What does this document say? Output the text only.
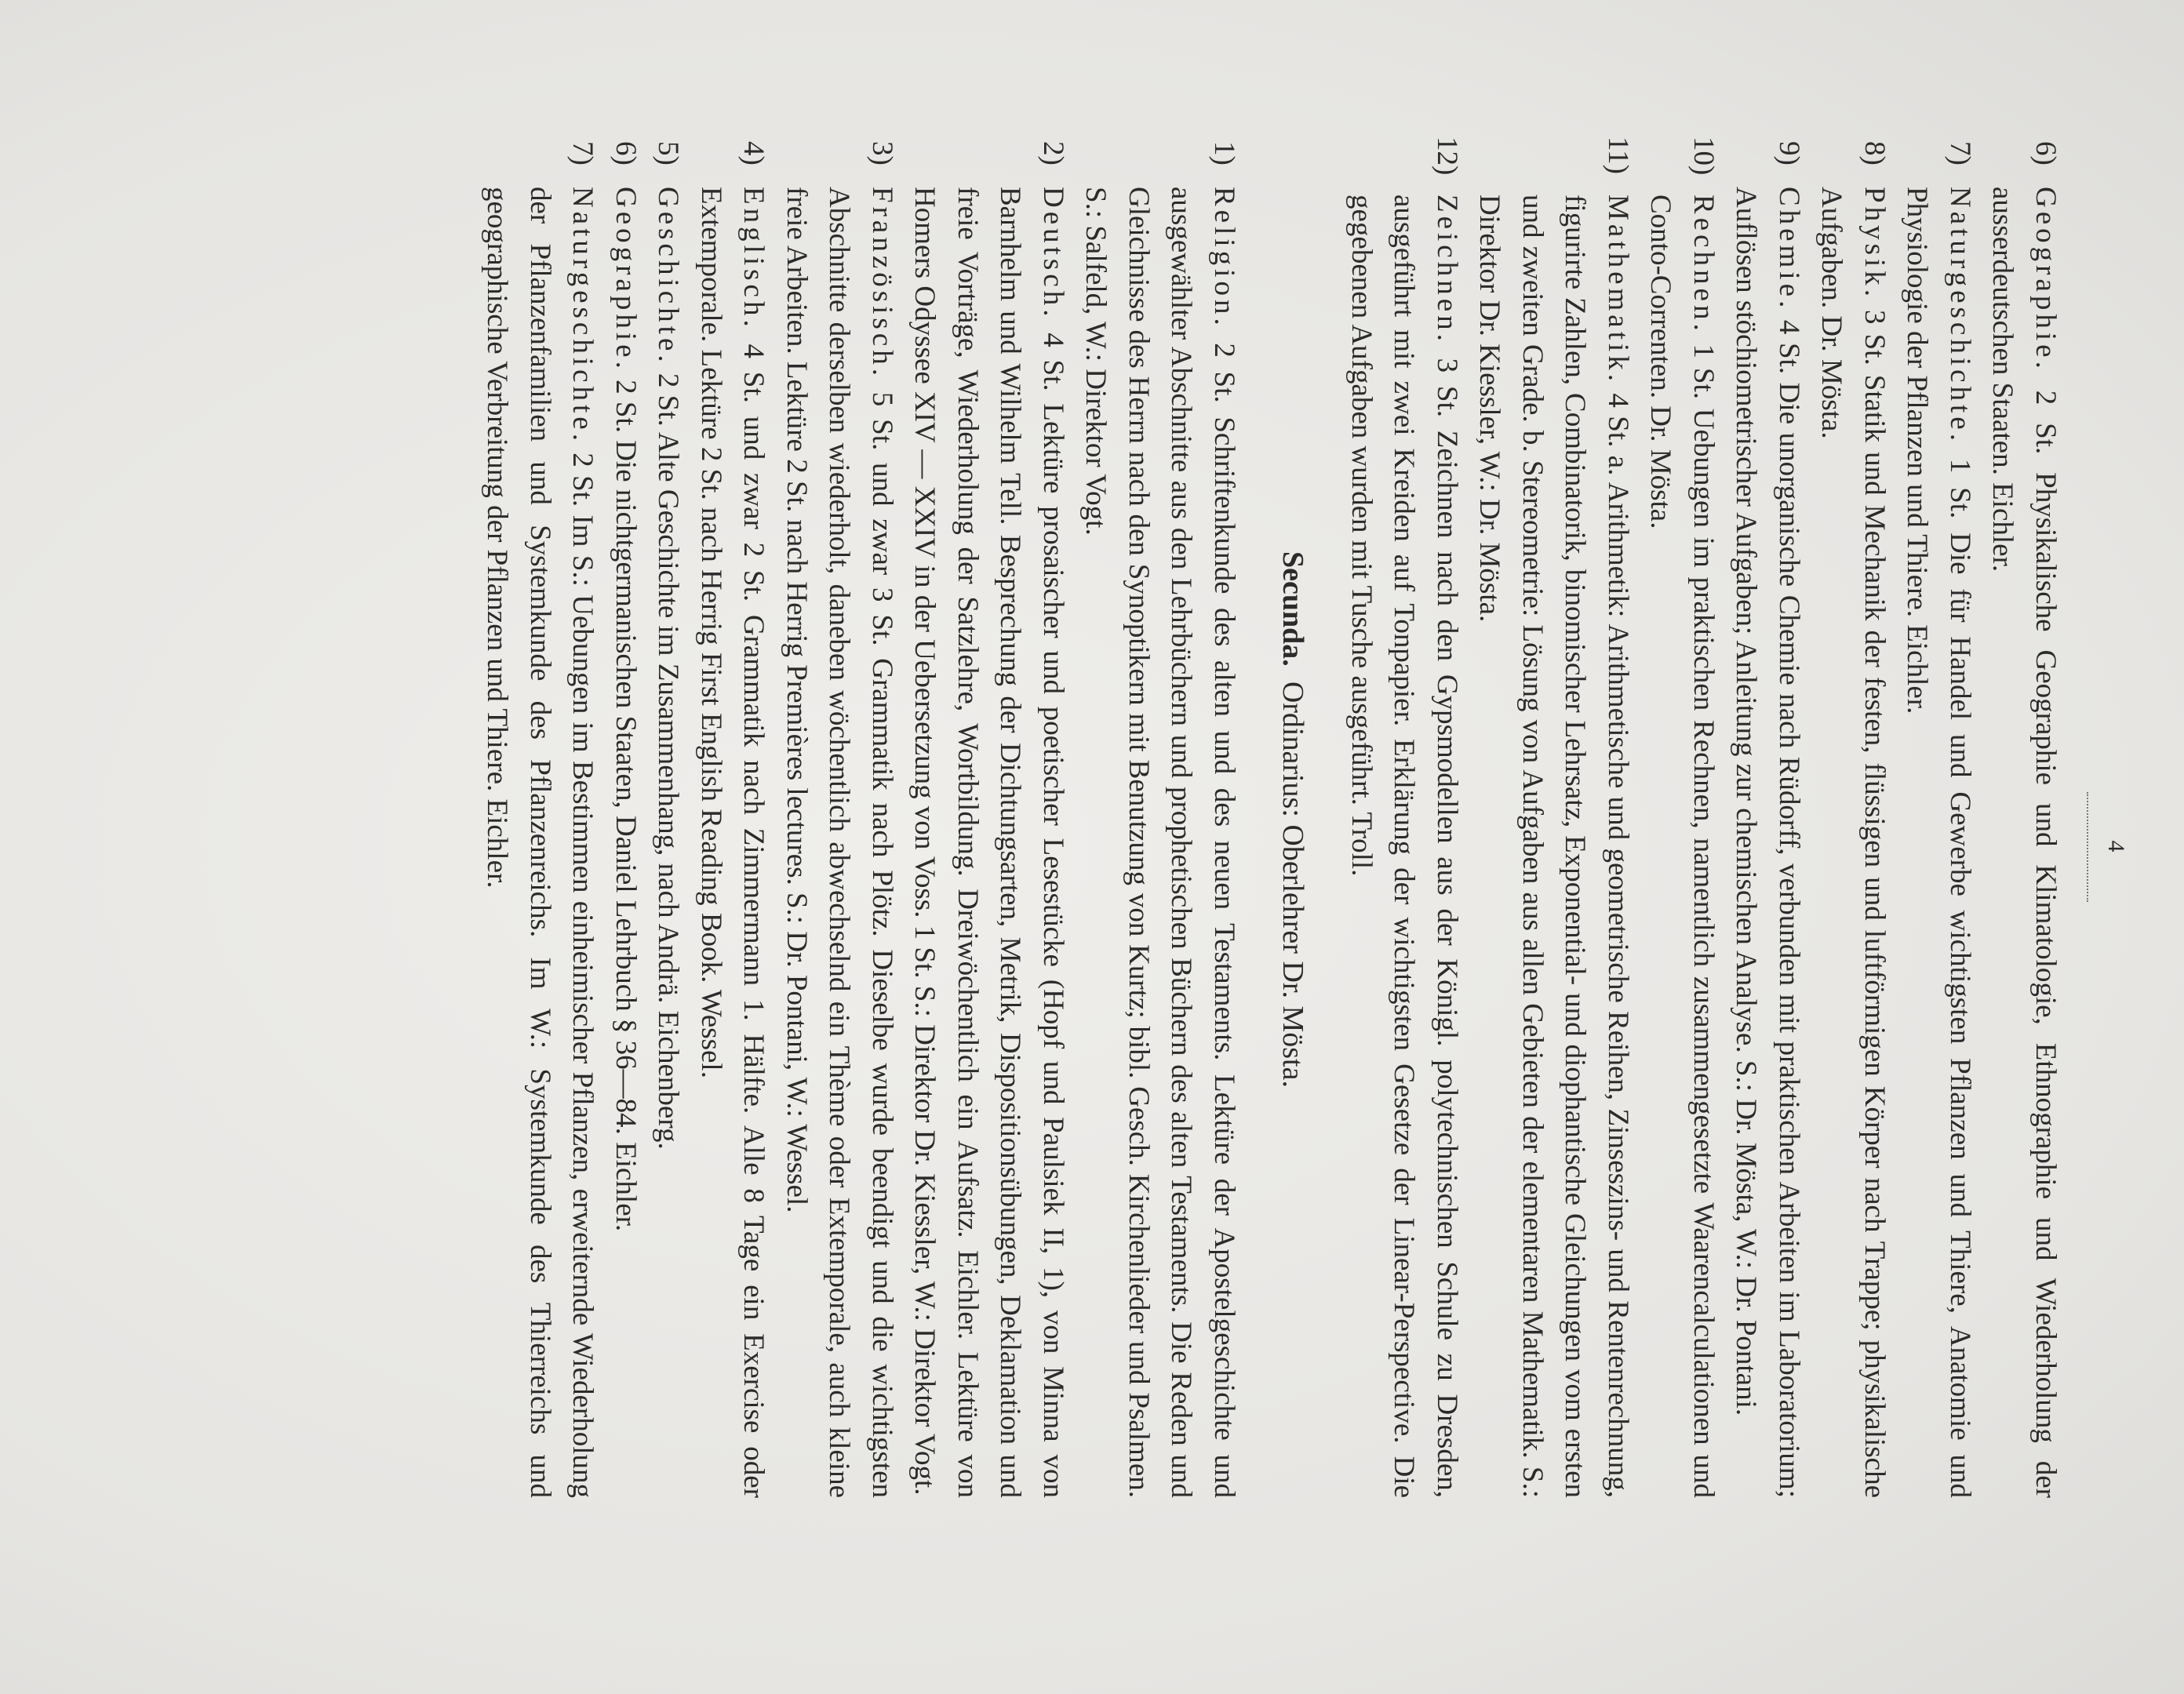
4

6)
Geographie. 2 St. Physikalische Geographie und Klimatologie, Ethnographie und Wiederholung der ausserdeutschen Staaten. Eichler.

7)
Naturgeschichte. 1 St. Die für Handel und Gewerbe wichtigsten Pflanzen und Thiere, Anatomie und Physiologie der Pflanzen und Thiere. Eichler.

8)
Physik. 3 St. Statik und Mechanik der festen, flüssigen und luftförmigen Körper nach Trappe; physikalische Aufgaben. Dr. Mösta.

9)
Chemie. 4 St. Die unorganische Chemie nach Rüdorff, verbunden mit praktischen Arbeiten im Laboratorium; Auflösen stöchiometrischer Aufgaben; Anleitung zur chemischen Analyse. S.: Dr. Mösta, W.: Dr. Pontani.

10)
Rechnen. 1 St. Uebungen im praktischen Rechnen, namentlich zusammengesetzte Waarencalculationen und Conto-Correnten. Dr. Mösta.

11)
Mathematik. 4 St. a. Arithmetik: Arithmetische und geometrische Reihen, Zinseszins- und Rentenrechnung, figurirte Zahlen, Combinatorik, binomischer Lehrsatz, Exponential- und diophantische Gleichungen vom ersten und zweiten Grade. b. Stereometrie: Lösung von Aufgaben aus allen Gebieten der elementaren Mathematik. S.: Direktor Dr. Kiessler, W.: Dr. Mösta.

12)
Zeichnen. 3 St. Zeichnen nach den Gypsmodellen aus der Königl. polytechnischen Schule zu Dresden, ausgeführt mit zwei Kreiden auf Tonpapier. Erklärung der wichtigsten Gesetze der Linear-Perspective. Die gegebenen Aufgaben wurden mit Tusche ausgeführt. Troll.

Secunda.  Ordinarius: Oberlehrer Dr. Mösta.

1)
Religion. 2 St. Schriftenkunde des alten und des neuen Testaments. Lektüre der Apostelgeschichte und ausgewählter Abschnitte aus den Lehrbüchern und prophetischen Büchern des alten Testaments. Die Reden und Gleichnisse des Herrn nach den Synoptikern mit Benutzung von Kurtz; bibl. Gesch. Kirchenlieder und Psalmen. S.: Salfeld, W.: Direktor Vogt.

2)
Deutsch. 4 St. Lektüre prosaischer und poetischer Lesestücke (Hopf und Paulsiek II, 1), von Minna von Barnhelm und Wilhelm Tell. Besprechung der Dichtungsarten, Metrik, Dispositionsübungen, Deklamation und freie Vorträge, Wiederholung der Satzlehre, Wortbildung. Dreiwöchentlich ein Aufsatz. Eichler. Lektüre von Homers Odyssee XIV — XXIV in der Uebersetzung von Voss. 1 St. S.: Direktor Dr. Kiessler, W.: Direktor Vogt.

3)
Französisch. 5 St. und zwar 3 St. Grammatik nach Plötz. Dieselbe wurde beendigt und die wichtigsten Abschnitte derselben wiederholt, daneben wöchentlich abwechselnd ein Thème oder Extemporale, auch kleine freie Arbeiten. Lektüre 2 St. nach Herrig Premières lectures. S.: Dr. Pontani, W.: Wessel.

4)
Englisch. 4 St. und zwar 2 St. Grammatik nach Zimmermann 1. Hälfte. Alle 8 Tage ein Exercise oder Extemporale. Lektüre 2 St. nach Herrig First English Reading Book. Wessel.

5)
Geschichte. 2 St. Alte Geschichte im Zusammenhang, nach Andrä. Eichenberg.

6)
Geographie. 2 St. Die nichtgermanischen Staaten, Daniel Lehrbuch § 36—84. Eichler.

7)
Naturgeschichte. 2 St. Im S.: Uebungen im Bestimmen einheimischer Pflanzen, erweiternde Wiederholung der Pflanzenfamilien und Systemkunde des Pflanzenreichs. Im W.: Systemkunde des Thierreichs und geographische Verbreitung der Pflanzen und Thiere. Eichler.
